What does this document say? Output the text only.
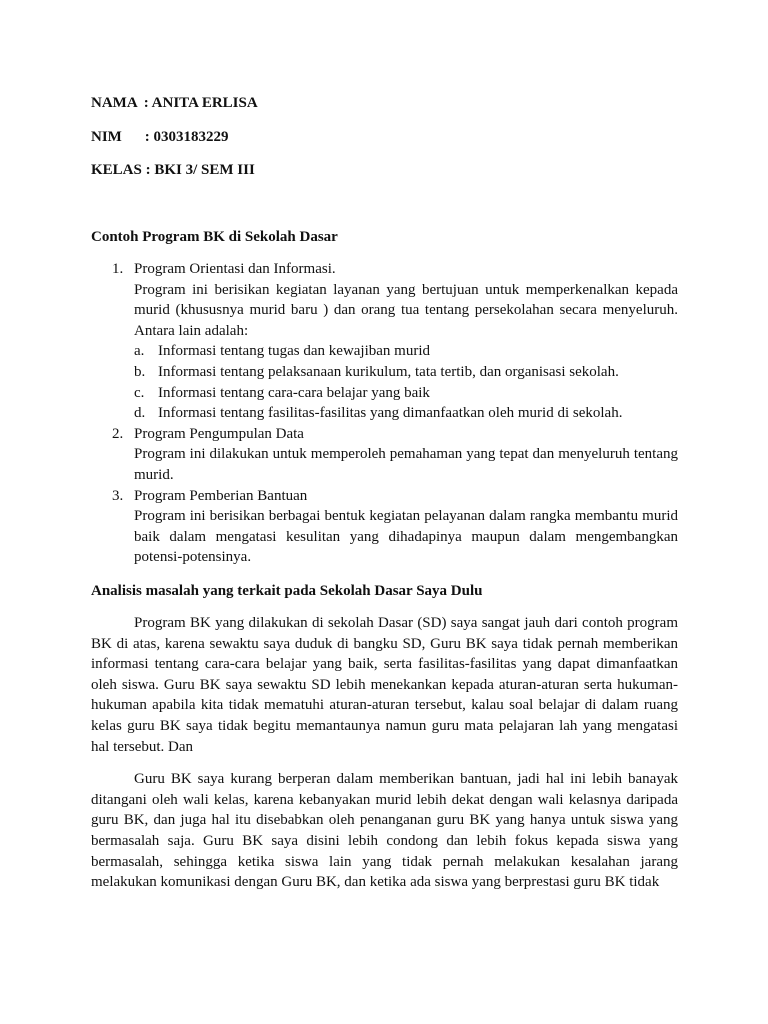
NAMA : ANITA ERLISA
NIM : 0303183229
KELAS : BKI 3/ SEM III
Contoh Program BK di Sekolah Dasar
1. Program Orientasi dan Informasi.
Program ini berisikan kegiatan layanan yang bertujuan untuk memperkenalkan kepada murid (khususnya murid baru ) dan orang tua tentang persekolahan secara menyeluruh. Antara lain adalah:
a. Informasi tentang tugas dan kewajiban murid
b. Informasi tentang pelaksanaan kurikulum, tata tertib, dan organisasi sekolah.
c. Informasi tentang cara-cara belajar yang baik
d. Informasi tentang fasilitas-fasilitas yang dimanfaatkan oleh murid di sekolah.
2. Program Pengumpulan Data
Program ini dilakukan untuk memperoleh pemahaman yang tepat dan menyeluruh tentang murid.
3. Program Pemberian Bantuan
Program ini berisikan berbagai bentuk kegiatan pelayanan dalam rangka membantu murid baik dalam mengatasi kesulitan yang dihadapinya maupun dalam mengembangkan potensi-potensinya.
Analisis masalah yang terkait pada Sekolah Dasar Saya Dulu

Program BK yang dilakukan di sekolah Dasar (SD) saya sangat jauh dari contoh program BK di atas, karena sewaktu saya duduk di bangku SD, Guru BK saya tidak pernah memberikan informasi tentang cara-cara belajar yang baik, serta fasilitas-fasilitas yang dapat dimanfaatkan oleh siswa. Guru BK saya sewaktu SD lebih menekankan kepada aturan-aturan serta hukuman-hukuman apabila kita tidak mematuhi aturan-aturan tersebut, kalau soal belajar di dalam ruang kelas guru BK saya tidak begitu memantaunya namun guru mata pelajaran lah yang mengatasi hal tersebut. Dan

Guru BK saya kurang berperan dalam memberikan bantuan, jadi hal ini lebih banayak ditangani oleh wali kelas, karena kebanyakan murid lebih dekat dengan wali kelasnya daripada guru BK, dan juga hal itu disebabkan oleh penanganan guru BK yang hanya untuk siswa yang bermasalah saja. Guru BK saya disini lebih condong dan lebih fokus kepada siswa yang bermasalah, sehingga ketika siswa lain yang tidak pernah melakukan kesalahan jarang melakukan komunikasi dengan Guru BK, dan ketika ada siswa yang berprestasi guru BK tidak
